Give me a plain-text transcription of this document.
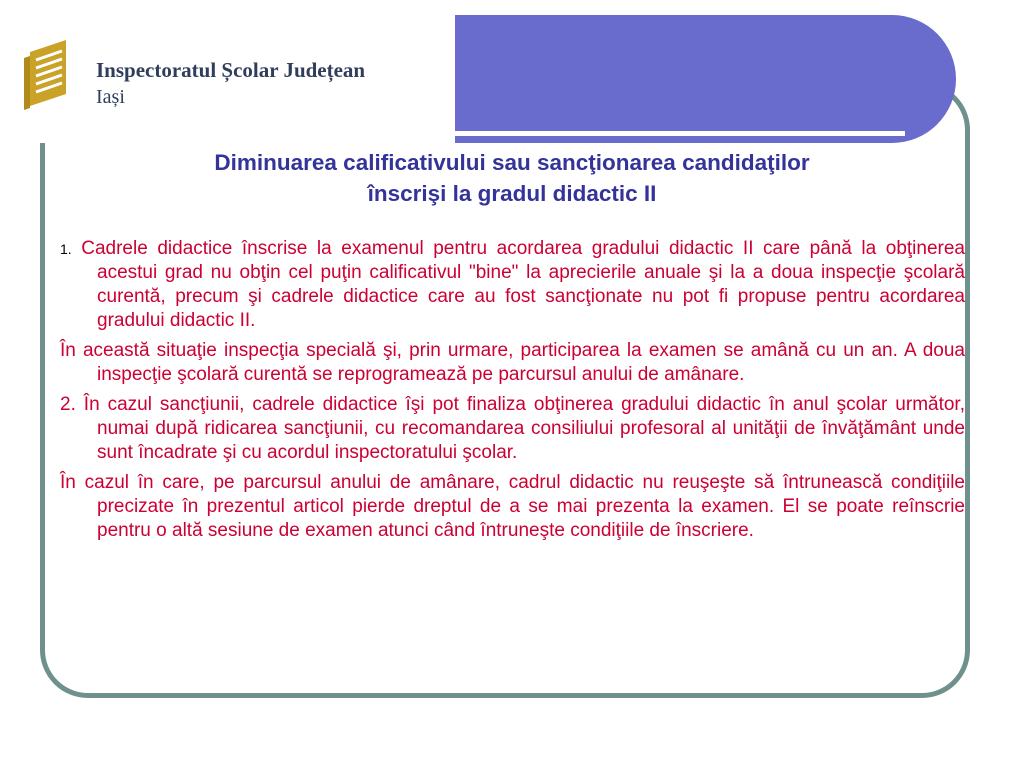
Inspectoratul Școlar Județean
Iași
Diminuarea calificativului sau sancţionarea candidaţilor
înscrişi la gradul didactic II

1. Cadrele didactice înscrise la examenul pentru acordarea gradului didactic II care până la obţinerea acestui grad nu obţin cel puţin calificativul "bine" la aprecierile anuale şi la a doua inspecţie şcolară curentă, precum şi cadrele didactice care au fost sancţionate nu pot fi propuse pentru acordarea gradului didactic II.

În această situaţie inspecţia specială şi, prin urmare, participarea la examen se amână cu un an. A doua inspecţie şcolară curentă se reprogramează pe parcursul anului de amânare.

2. În cazul sancţiunii, cadrele didactice îşi pot finaliza obţinerea gradului didactic în anul şcolar următor, numai după ridicarea sancţiunii, cu recomandarea consiliului profesoral al unităţii de învăţământ unde sunt încadrate şi cu acordul inspectoratului şcolar.

În cazul în care, pe parcursul anului de amânare, cadrul didactic nu reuşeşte să întrunească condiţiile precizate în prezentul articol pierde dreptul de a se mai prezenta la examen. El se poate reînscrie pentru o altă sesiune de examen atunci când întruneşte condiţiile de înscriere.
